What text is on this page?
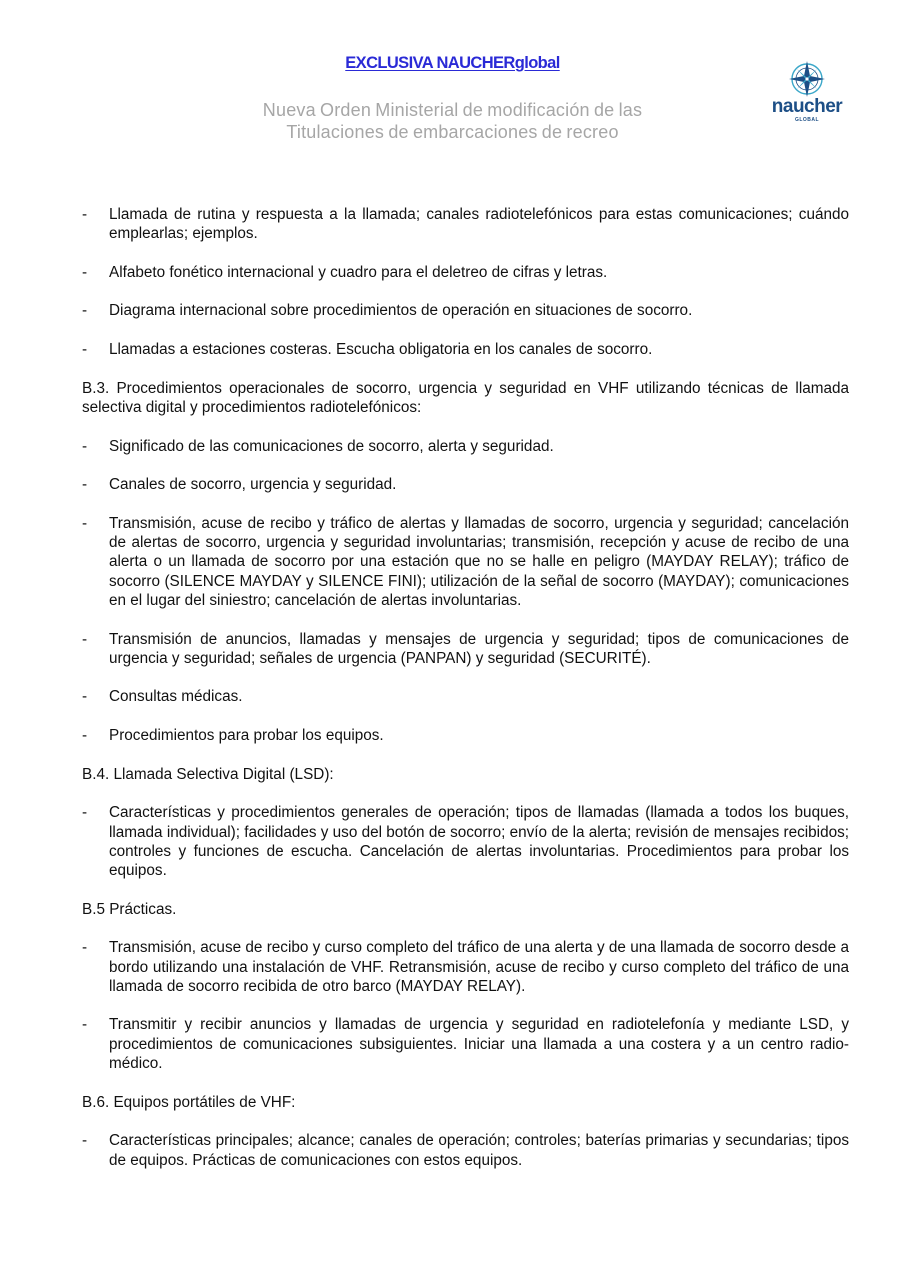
EXCLUSIVA NAUCHERglobal
Nueva Orden Ministerial de modificación de las
Titulaciones de embarcaciones de recreo
naucher
GLOBAL
- Llamada de rutina y respuesta a la llamada; canales radiotelefónicos para estas comunicaciones; cuándo emplearlas; ejemplos.

- Alfabeto fonético internacional y cuadro para el deletreo de cifras y letras.

- Diagrama internacional sobre procedimientos de operación en situaciones de socorro.

- Llamadas a estaciones costeras. Escucha obligatoria en los canales de socorro.

B.3. Procedimientos operacionales de socorro, urgencia y seguridad en VHF utilizando técnicas de llamada selectiva digital y procedimientos radiotelefónicos:

- Significado de las comunicaciones de socorro, alerta y seguridad.

- Canales de socorro, urgencia y seguridad.

- Transmisión, acuse de recibo y tráfico de alertas y llamadas de socorro, urgencia y seguridad; cancelación de alertas de socorro, urgencia y seguridad involuntarias; transmisión, recepción y acuse de recibo de una alerta o un llamada de socorro por una estación que no se halle en peligro (MAYDAY RELAY); tráfico de socorro (SILENCE MAYDAY y SILENCE FINI); utilización de la señal de socorro (MAYDAY); comunicaciones en el lugar del siniestro; cancelación de alertas involuntarias.

- Transmisión de anuncios, llamadas y mensajes de urgencia y seguridad; tipos de comunicaciones de urgencia y seguridad; señales de urgencia (PANPAN) y seguridad (SECURITÉ).

- Consultas médicas.

- Procedimientos para probar los equipos.

B.4. Llamada Selectiva Digital (LSD):

- Características y procedimientos generales de operación; tipos de llamadas (llamada a todos los buques, llamada individual); facilidades y uso del botón de socorro; envío de la alerta; revisión de mensajes recibidos; controles y funciones de escucha. Cancelación de alertas involuntarias. Procedimientos para probar los equipos.

B.5 Prácticas.

- Transmisión, acuse de recibo y curso completo del tráfico de una alerta y de una llamada de socorro desde a bordo utilizando una instalación de VHF. Retransmisión, acuse de recibo y curso completo del tráfico de una llamada de socorro recibida de otro barco (MAYDAY RELAY).

- Transmitir y recibir anuncios y llamadas de urgencia y seguridad en radiotelefonía y mediante LSD, y procedimientos de comunicaciones subsiguientes. Iniciar una llamada a una costera y a un centro radio-médico.

B.6. Equipos portátiles de VHF:

- Características principales; alcance; canales de operación; controles; baterías primarias y secundarias; tipos de equipos. Prácticas de comunicaciones con estos equipos.
